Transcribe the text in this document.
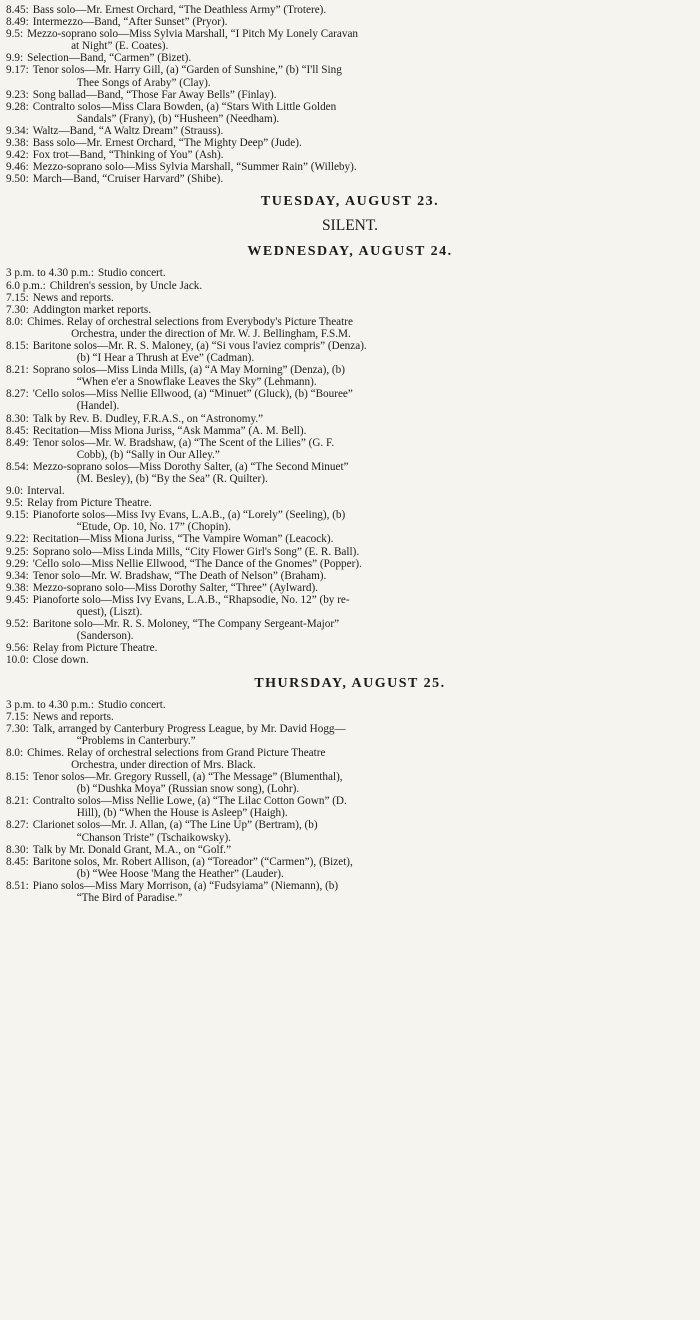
8.45: Bass solo—Mr. Ernest Orchard, “The Deathless Army” (Trotere).
8.49: Intermezzo—Band, “After Sunset” (Pryor).
9.5: Mezzo-soprano solo—Miss Sylvia Marshall, “I Pitch My Lonely Caravan
at Night” (E. Coates).
9.9: Selection—Band, “Carmen” (Bizet).
9.17: Tenor solos—Mr. Harry Gill, (a) “Garden of Sunshine,” (b) “I'll Sing
Thee Songs of Araby” (Clay).
9.23: Song ballad—Band, “Those Far Away Bells” (Finlay).
9.28: Contralto solos—Miss Clara Bowden, (a) “Stars With Little Golden
Sandals” (Frany), (b) “Husheen” (Needham).
9.34: Waltz—Band, “A Waltz Dream” (Strauss).
9.38: Bass solo—Mr. Ernest Orchard, “The Mighty Deep” (Jude).
9.42: Fox trot—Band, “Thinking of You” (Ash).
9.46: Mezzo-soprano solo—Miss Sylvia Marshall, “Summer Rain” (Willeby).
9.50: March—Band, “Cruiser Harvard” (Shibe).
TUESDAY, AUGUST 23.
SILENT.
WEDNESDAY, AUGUST 24.
3 p.m. to 4.30 p.m.: Studio concert.
6.0 p.m.: Children's session, by Uncle Jack.
7.15: News and reports.
7.30: Addington market reports.
8.0: Chimes. Relay of orchestral selections from Everybody's Picture Theatre
Orchestra, under the direction of Mr. W. J. Bellingham, F.S.M.
8.15: Baritone solos—Mr. R. S. Maloney, (a) “Si vous l'aviez compris” (Denza).
(b) “I Hear a Thrush at Eve” (Cadman).
8.21: Soprano solos—Miss Linda Mills, (a) “A May Morning” (Denza), (b)
“When e'er a Snowflake Leaves the Sky” (Lehmann).
8.27: 'Cello solos—Miss Nellie Ellwood, (a) “Minuet” (Gluck), (b) “Bouree”
(Handel).
8.30: Talk by Rev. B. Dudley, F.R.A.S., on “Astronomy.”
8.45: Recitation—Miss Miona Juriss, “Ask Mamma” (A. M. Bell).
8.49: Tenor solos—Mr. W. Bradshaw, (a) “The Scent of the Lilies” (G. F.
Cobb), (b) “Sally in Our Alley.”
8.54: Mezzo-soprano solos—Miss Dorothy Salter, (a) “The Second Minuet”
(M. Besley), (b) “By the Sea” (R. Quilter).
9.0: Interval.
9.5: Relay from Picture Theatre.
9.15: Pianoforte solos—Miss Ivy Evans, L.A.B., (a) “Lorely” (Seeling), (b)
“Etude, Op. 10, No. 17” (Chopin).
9.22: Recitation—Miss Miona Juriss, “The Vampire Woman” (Leacock).
9.25: Soprano solo—Miss Linda Mills, “City Flower Girl's Song” (E. R. Ball).
9.29: 'Cello solo—Miss Nellie Ellwood, “The Dance of the Gnomes” (Popper).
9.34: Tenor solo—Mr. W. Bradshaw, “The Death of Nelson” (Braham).
9.38: Mezzo-soprano solo—Miss Dorothy Salter, “Three” (Aylward).
9.45: Pianoforte solo—Miss Ivy Evans, L.A.B., “Rhapsodie, No. 12” (by re-
quest), (Liszt).
9.52: Baritone solo—Mr. R. S. Moloney, “The Company Sergeant-Major”
(Sanderson).
9.56: Relay from Picture Theatre.
10.0: Close down.
THURSDAY, AUGUST 25.
3 p.m. to 4.30 p.m.: Studio concert.
7.15: News and reports.
7.30: Talk, arranged by Canterbury Progress League, by Mr. David Hogg—
“Problems in Canterbury.”
8.0: Chimes. Relay of orchestral selections from Grand Picture Theatre
Orchestra, under direction of Mrs. Black.
8.15: Tenor solos—Mr. Gregory Russell, (a) “The Message” (Blumenthal),
(b) “Dushka Moya” (Russian snow song), (Lohr).
8.21: Contralto solos—Miss Nellie Lowe, (a) “The Lilac Cotton Gown” (D.
Hill), (b) “When the House is Asleep” (Haigh).
8.27: Clarionet solos—Mr. J. Allan, (a) “The Line Up” (Bertram), (b)
“Chanson Triste” (Tschaikowsky).
8.30: Talk by Mr. Donald Grant, M.A., on “Golf.”
8.45: Baritone solos, Mr. Robert Allison, (a) “Toreador” (“Carmen”), (Bizet),
(b) “Wee Hoose 'Mang the Heather” (Lauder).
8.51: Piano solos—Miss Mary Morrison, (a) “Fudsyiama” (Niemann), (b)
“The Bird of Paradise.”
